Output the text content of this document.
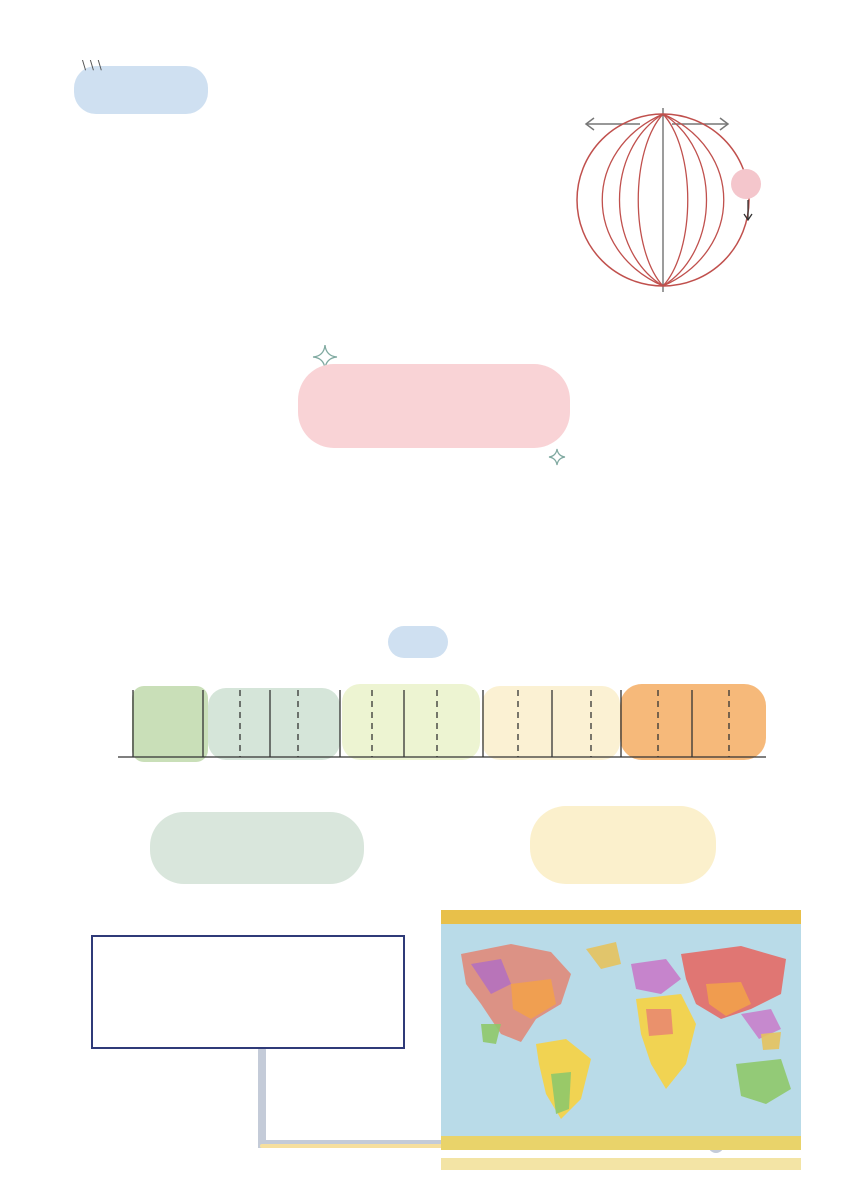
\ \ \
